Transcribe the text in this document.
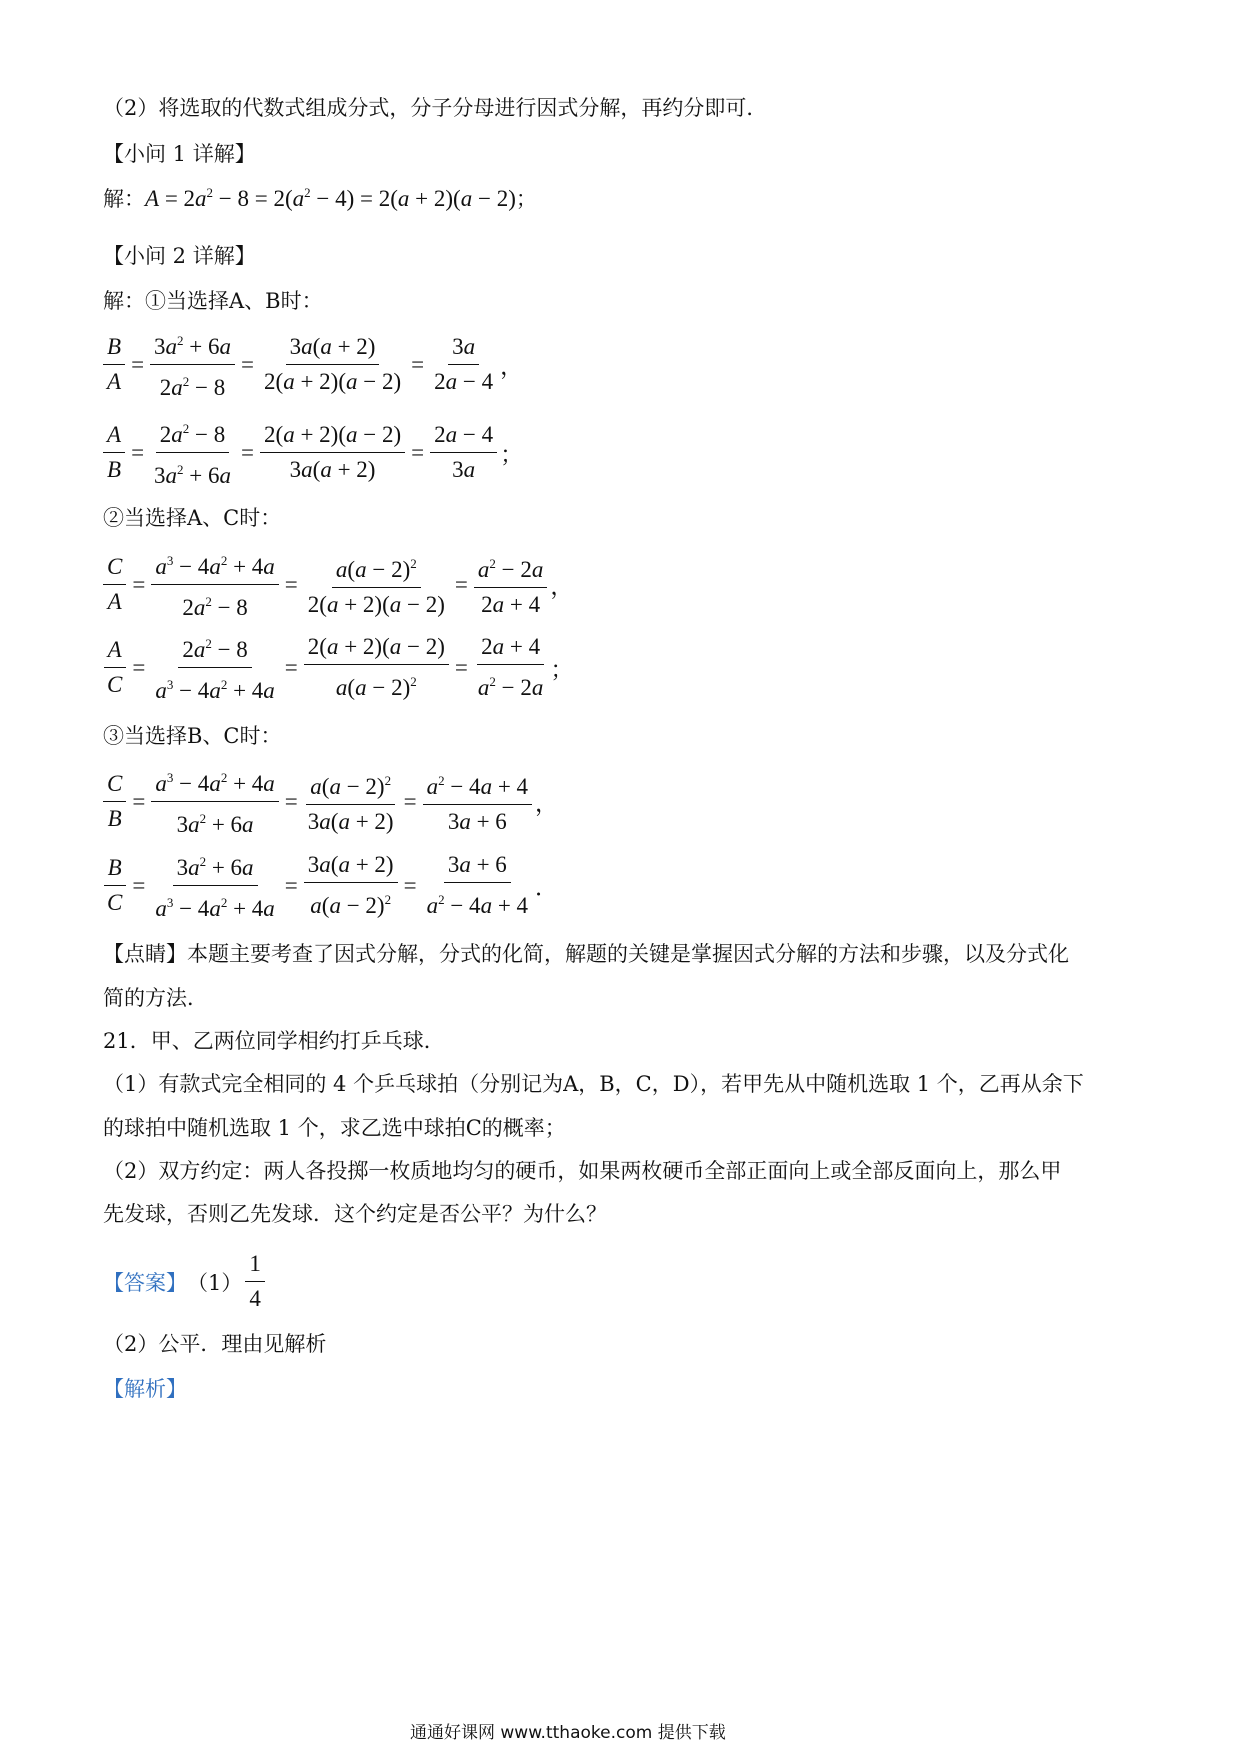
（2）将选取的代数式组成分式，分子分母进行因式分解，再约分即可．
【小问 1 详解】
解： $A = 2a^2 - 8 = 2(a^2 - 4) = 2(a + 2)(a - 2)$ ；
【小问 2 详解】
解：①当选择A、B时：
$\frac{B}{A} = \frac{3a^2 + 6a}{2a^2 - 8} = \frac{3a(a + 2)}{2(a + 2)(a - 2)} = \frac{3a}{2a - 4}$ ，
$\frac{A}{B} = \frac{2a^2 - 8}{3a^2 + 6a} = \frac{2(a + 2)(a - 2)}{3a(a + 2)} = \frac{2a - 4}{3a}$ ；
②当选择A、C时：
$\frac{C}{A} = \frac{a^3 - 4a^2 + 4a}{2a^2 - 8} = \frac{a(a - 2)^2}{2(a + 2)(a - 2)} = \frac{a^2 - 2a}{2a + 4}$ ，
$\frac{A}{C} = \frac{2a^2 - 8}{a^3 - 4a^2 + 4a} = \frac{2(a + 2)(a - 2)}{a(a - 2)^2} = \frac{2a + 4}{a^2 - 2a}$ ；
③当选择B、C时：
$\frac{C}{B} = \frac{a^3 - 4a^2 + 4a}{3a^2 + 6a} = \frac{a(a - 2)^2}{3a(a + 2)} = \frac{a^2 - 4a + 4}{3a + 6}$ ，
$\frac{B}{C} = \frac{3a^2 + 6a}{a^3 - 4a^2 + 4a} = \frac{3a(a + 2)}{a(a - 2)^2} = \frac{3a + 6}{a^2 - 4a + 4}$ ．
【点睛】本题主要考查了因式分解，分式的化简，解题的关键是掌握因式分解的方法和步骤，以及分式化
简的方法．
21．甲、乙两位同学相约打乒乓球．
（1）有款式完全相同的 4 个乒乓球拍（分别记为A，B，C，D），若甲先从中随机选取 1 个，乙再从余下
的球拍中随机选取 1 个，求乙选中球拍C的概率；
（2）双方约定：两人各投掷一枚质地均匀的硬币，如果两枚硬币全部正面向上或全部反面向上，那么甲
先发球，否则乙先发球．这个约定是否公平？为什么？
【答案】 $(1) \frac{1}{4}$
（2）公平．理由见解析
【解析】
通通好课网 www.tthaoke.com 提供下载
